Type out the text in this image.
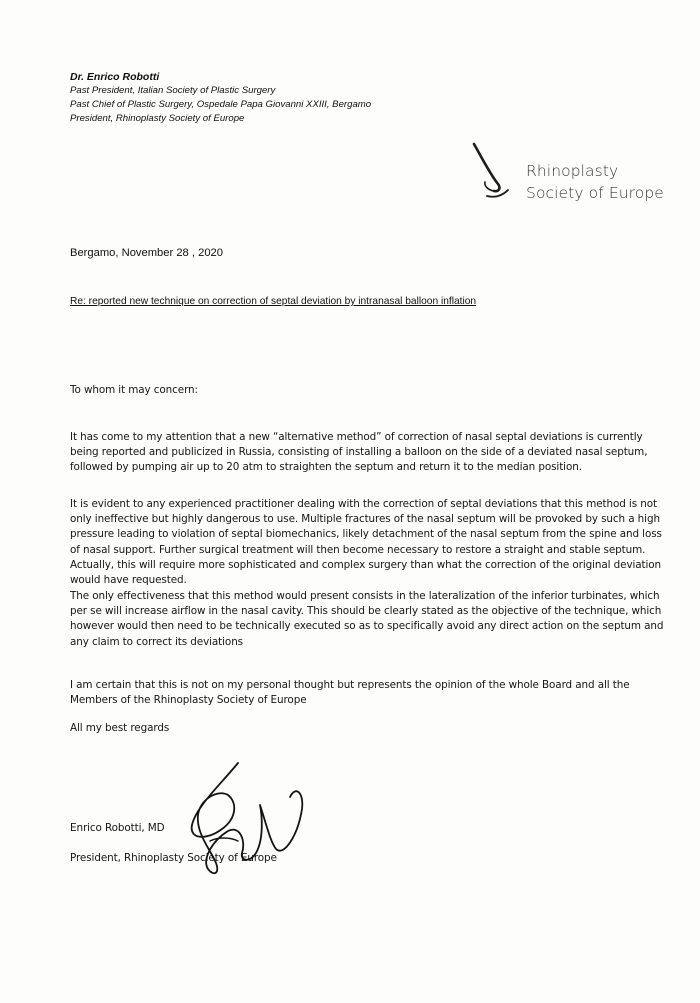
Dr. Enrico Robotti
Past President, Italian Society of Plastic Surgery
Past Chief of Plastic Surgery, Ospedale Papa Giovanni XXIII, Bergamo
President, Rhinoplasty Society of Europe
Rhinoplasty
Society of Europe
Bergamo, November 28 , 2020
Re: reported new technique on correction of septal deviation by intranasal balloon inflation
To whom it may concern:
It has come to my attention that a new “alternative method” of correction of nasal septal deviations is currently being reported and publicized in Russia, consisting of installing a balloon on the side of a deviated nasal septum, followed by pumping air up to 20 atm to straighten the septum and return it to the median position.
It is evident to any experienced practitioner dealing with the correction of septal deviations that this method is not only ineffective but highly dangerous to use. Multiple fractures of the nasal septum will be provoked by such a high pressure leading to violation of septal biomechanics, likely detachment of the nasal septum from the spine and loss of nasal support. Further surgical treatment will then become necessary to restore a straight and stable septum. Actually, this will require more sophisticated and complex surgery than what the correction of the original deviation would have requested.
The only effectiveness that this method would present consists in the lateralization of the inferior turbinates, which per se will increase airflow in the nasal cavity. This should be clearly stated as the objective of the technique, which however would then need to be technically executed so as to specifically avoid any direct action on the septum and any claim to correct its deviations
I am certain that this is not on my personal thought but represents the opinion of the whole Board and all the Members of the Rhinoplasty Society of Europe
All my best regards
Enrico Robotti, MD
President, Rhinoplasty Society of Europe
